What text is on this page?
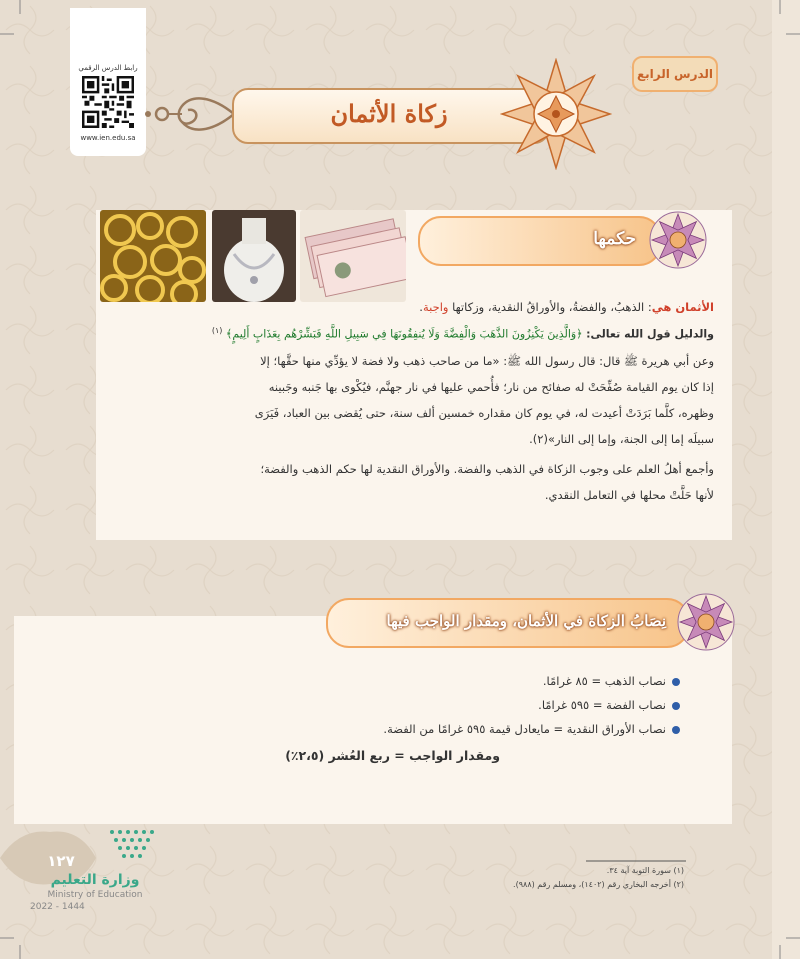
رابط الدرس الرقمي
www.ien.edu.sa
الدرس الرابع
زكاة الأثمان
حكمها
الأثمان هي: الذهبُ، والفضةُ، والأوراقُ النقدية، وزكاتها واجبة.
والدليل قول الله تعالى: ﴿وَالَّذِينَ يَكْنِزُونَ الذَّهَبَ وَالْفِضَّةَ وَلَا يُنفِقُونَهَا فِي سَبِيلِ اللَّهِ فَبَشِّرْهُم بِعَذَابٍ أَلِيمٍ﴾ $^{(١)}$
وعن أبي هريرة ﷺ قال: قال رسول الله ﷺ: «ما من صاحب ذهب ولا فضة لا يؤدِّي منها حقَّها؛ إلا
إذا كان يوم القيامة صُفِّحَتْ له صفائح من نار؛ فأُحمي عليها في نار جهنَّم، فيُكْوى بها جَنبه وجَبينه
وظهره، كلَّما بَرَدَتْ أعيدت له، في يوم كان مقداره خمسين ألف سنة، حتى يُقضى بين العباد، فَيَرَى
سبيلَه إما إلى الجنة، وإما إلى النار»(٢).
وأجمع أهلُ العلم على وجوب الزكاة في الذهب والفضة. والأوراق النقدية لها حكم الذهب والفضة؛
لأنها حَلَّتْ محلها في التعامل النقدي.
نِصَابُ الزكاة في الأثمان، ومقدار الواجب فيها
نصاب الذهب = ٨٥ غرامًا.
نصاب الفضة = ٥٩٥ غرامًا.
نصاب الأوراق النقدية = مايعادل قيمة ٥٩٥ غرامًا من الفضة.
ومقدار الواجب = ربع العُشر (٢،٥٪)
(١) سورة التوبة آية ٣٤.
(٢) أخرجه البخاري رقم (١٤٠٢)، ومسلم رقم (٩٨٨).
١٢٧
وزارة التعليم
Ministry of Education
2022 - 1444
